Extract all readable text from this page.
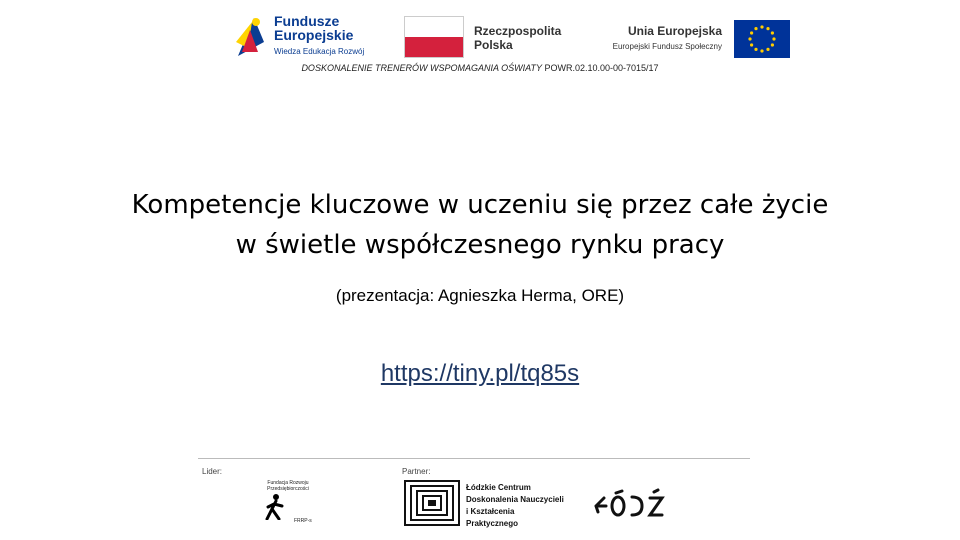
Fundusze
Europejskie
Wiedza Edukacja Rozwój
Rzeczpospolita
Polska
Unia Europejska
Europejski Fundusz Społeczny
DOSKONALENIE TRENERÓW WSPOMAGANIA OŚWIATY POWR.02.10.00-00-7015/17
Kompetencje kluczowe w uczeniu się przez całe życie
w świetle współczesnego rynku pracy
(prezentacja: Agnieszka Herma, ORE)
https://tiny.pl/tq85s
Lider:	Partner:
Fundacja Rozwoju
Przedsiębiorczości
FRRP-s
Łódzkie Centrum
Doskonalenia Nauczycieli
i Kształcenia Praktycznego
